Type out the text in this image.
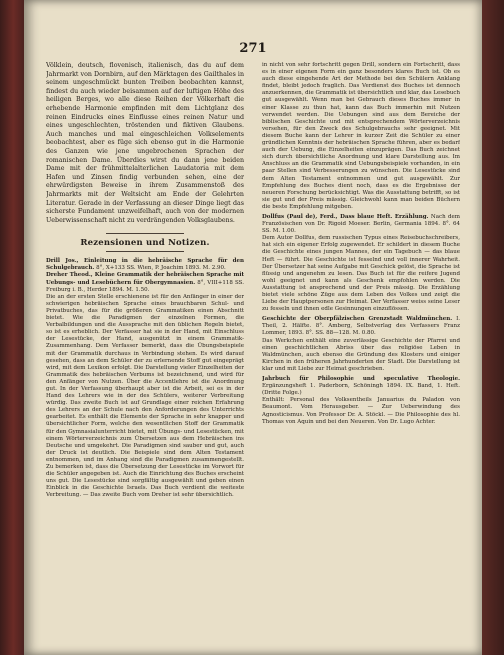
271

Völklein, deutsch, flovenisch, italienisch, das du auf dem Jahrmarkt von Dornbirn, auf den Märktagen des Gailthales in seinem ungeschmückt bunten Treiben beobachten kannst, findest du auch wieder beisammen auf der luftigen Höhe des heiligen Berges, wo alle diese Reihen der Völkerhaft die erhebende Harmonie empfinden mit dem Lichtglanz des reinen Eindrucks eines Einflusse eines reinen Natur und eines ungeschlechten, tröstenden und fiktiven Glaubens. Auch manches und mal eingeschleichen Volkselements beobachtest, aber es füge sich ebenso gut in die Harmonie des Ganzen wie jene ungebrochenen Sprachen der romanischen Dame. Überdies wirst du dann jene beiden Dame mit der frühmittelalterlichen Laudatoria mit dem Hafen und Zinsen findig verbunden sehen, eine der ehrwürdigsten Beweise in ihrem Zusammenstoß des Jahrmarkts mit der Weltsicht am Ende der Gelehrten Literatur. Gerade in der Verfassung an dieser Dinge liegt das sicherste Fundament unzweifelhaft, auch von der modernen Ueberwissenschaft nicht zu verdrängenden Volksglaubens.

Rezensionen und Notizen.

Drill Jos., Einleitung in die hebräische Sprache für den Schulgebrauch. 8°, X+133 SS. Wien, P. Joachim 1893. M. 2.90.

Dreher Theod., Kleine Grammatik der hebräischen Sprache mit Uebungs- und Lesebüchern für Obergymnasien. 8°, VIII+118 SS. Freiburg i. B., Herder 1894. M. 1.50.

Die an der ersten Stelle erschienene ist für den Anfänger in einer der schwierigen hebräischen Sprache eines brauchbaren Schul- und Privatbuches, das für die größeren Grammatiken einen Abschnitt bietet. Wie die Paradigmen der einzelnen Formen, die Verbalbildungen und die Aussprache mit den üblichen Regeln bietet, so ist es erheblich. Der Verfasser hat sie in der Hand, mit Einschluss der Lesestücke, der Hand, ausgenützt in einem Grammatik-Zusammenhang. Dem Verfasser bemerkt, dass die Übungsbeispiele mit der Grammatik durchaus in Verbindung stehen. Es wird darauf gesehen, dass an dem Schüler der zu erlernende Stoff gut eingeprägt wird, mit dem Lexikon erfolgt. Die Darstellung vieler Einzelheiten der Grammatik des hebräischen Verbums ist bezeichnend, und wird für den Anfänger von Nutzen. Über die Accentlehre ist die Anordnung gut. In der Verfassung überhaupt aber ist die Arbeit, sei es in der Hand des Lehrers wie in der des Schülers, weiterer Verbreitung würdig. Das zweite Buch ist auf Grundlage einer reichen Erfahrung des Lehrers an der Schule nach den Anforderungen des Unterrichts gearbeitet. Es enthält die Elemente der Sprache in sehr knapper und übersichtlicher Form, welche den wesentlichen Stoff der Grammatik für den Gymnasialunterricht bietet, mit Übungs- und Lesestücken, mit einem Wörterverzeichnis zum Übersetzen aus dem Hebräischen ins Deutsche und umgekehrt. Die Paradigmen sind sauber und gut, auch der Druck ist deutlich. Die Beispiele sind dem Alten Testament entnommen, und im Anhang sind die Paradigmen zusammengestellt. Zu bemerken ist, dass die Übersetzung der Lesestücke im Vorwort für die Schüler angegeben ist. Auch die Einrichtung des Buches erscheint uns gut. Die Lesestücke sind sorgfältig ausgewählt und geben einen Einblick in die Geschichte Israels. Das Buch verdient die weiteste Verbreitung. — Das zweite Buch vom Dreher ist sehr übersichtlich.

in nicht von sehr fortschritt gegen Drill, sondern ein Fortschritt, dass es in einer eigenen Form ein ganz besonders klares Buch ist. Ob es auch diese eingehende Art der Methode bei den Schülern Anklang findet, bleibt jedoch fraglich. Das Verdienst des Buches ist dennoch anzuerkennen, die Grammatik ist übersichtlich und klar, das Lesebuch gut ausgewählt. Wenn man bei Gebrauch dieses Buches immer in einer Klasse zu thun hat, kann das Buch immerhin mit Nutzen verwendet werden. Die Uebungen sind aus dem Bereiche der biblischen Geschichte und mit entsprechendem Wörterverzeichnis versehen, für den Zweck des Schulgebrauchs sehr geeignet. Mit diesem Buche kann der Lehrer in kurzer Zeit die Schüler zu einer gründlichen Kenntnis der hebräischen Sprache führen, aber es bedarf auch der Uebung, die Einzelheiten einzuprägen. Das Buch zeichnet sich durch übersichtliche Anordnung und klare Darstellung aus. Im Anschluss an die Grammatik sind Uebungsbeispiele vorhanden, in ein paar Stellen sind Verbesserungen zu wünschen. Die Lesestücke sind dem Alten Testament entnommen und gut ausgewählt. Zur Empfehlung des Buches dient noch, dass es die Ergebnisse der neueren Forschung berücksichtigt. Was die Ausstattung betrifft, so ist sie gut und der Preis mässig. Gleichwohl kann man beiden Büchern die beste Empfehlung mitgeben.

Dollfus (Paul de), Ferd., Dass blaue Heft. Erzählung. Nach dem Französischen von Dr. Rigoid Moeser. Berlin, Germania 1894. 8°. 64 SS. M. 1.00.

Dem Autor Dollfus, dem russischen Typus eines Reisebuchschreibers, hat sich ein eigener Erfolg zugewendet. Er schildert in diesem Buche die Geschichte eines jungen Mannes, der ein Tagebuch — das blaue Heft — führt. Die Geschichte ist fesselnd und voll innerer Wahrheit. Der Übersetzer hat seine Aufgabe mit Geschick gelöst, die Sprache ist flüssig und angenehm zu lesen. Das Buch ist für die reifere Jugend wohl geeignet und kann als Geschenk empfohlen werden. Die Ausstattung ist ansprechend und der Preis mässig. Die Erzählung bietet viele schöne Züge aus dem Leben des Volkes und zeigt die Liebe der Hauptpersonen zur Heimat. Der Verfasser weiss seine Leser zu fesseln und ihnen edle Gesinnungen einzuflössen.

Geschichte der Oberpfälzischen Grenzstadt Waldmünchen. I. Theil, 2. Hälfte. 8°. Amberg, Selbstverlag des Verfassers Franz Lommer, 1893. 8°. SS. 88—128. M. 0.80.

Das Werkchen enthält eine zuverlässige Geschichte der Pfarrei und einen geschichtlichen Abriss über das religiöse Leben in Waldmünchen, auch ebenso die Gründung des Klosters und einiger Kirchen in den früheren Jahrhunderten der Stadt. Die Darstellung ist klar und mit Liebe zur Heimat geschrieben.

Jahrbuch für Philosophie und speculative Theologie. Ergänzungsheft 1. Paderborn, Schöningh 1894. IX. Band, 1. Heft. (Dritte Folge.)

Enthält: Personal des Volksentheils Januarius du Paladon von Beaumont. Vom Herausgeber. — Zur Ueberwindung des Agnosticismus. Von Professor Dr. A. Stöckl. — Die Philosophie des hl. Thomas von Aquin und bei den Neueren. Von Dr. Lugo Achter.
